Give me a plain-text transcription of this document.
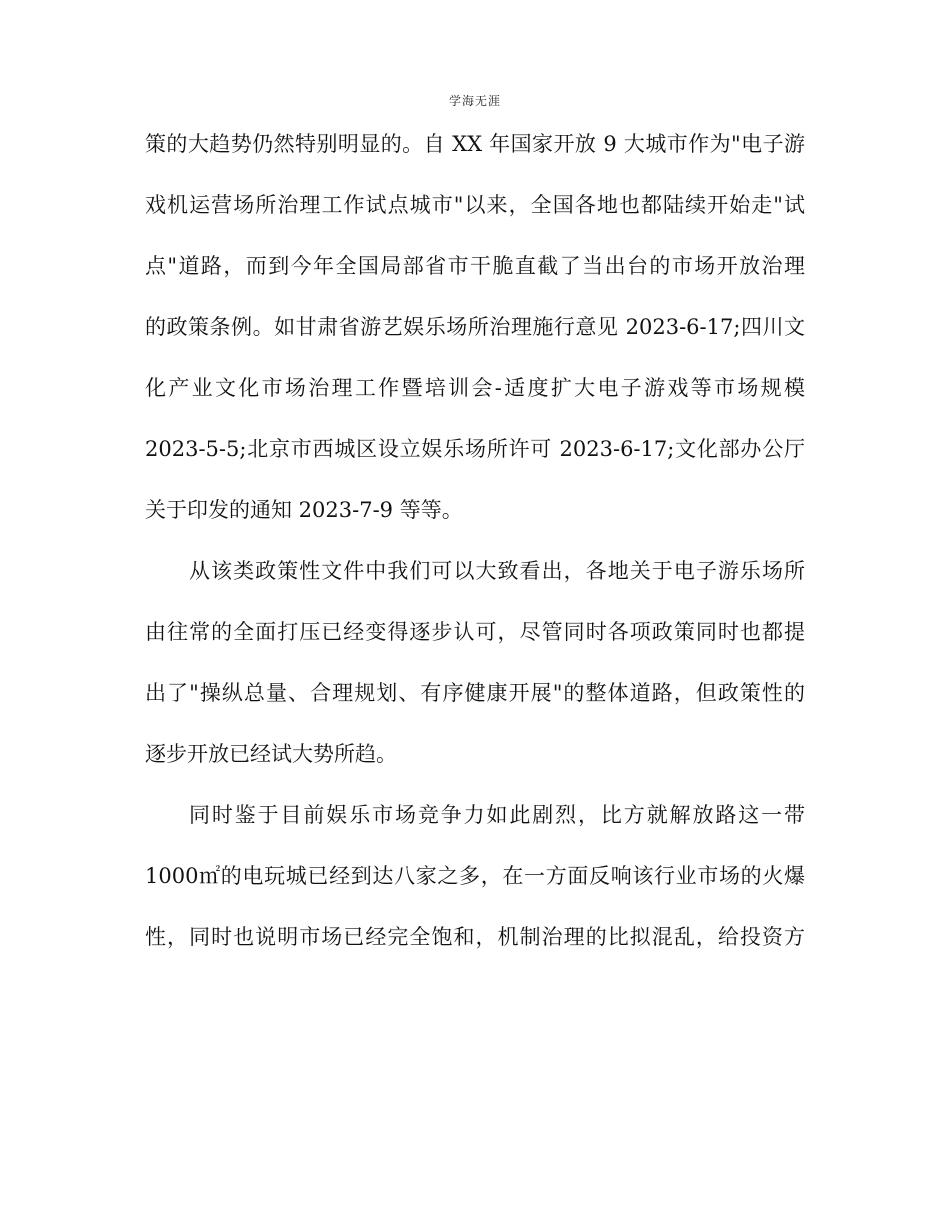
学海无涯
策的大趋势仍然特别明显的。自 XX 年国家开放 9 大城市作为"电子游
戏机运营场所治理工作试点城市"以来，全国各地也都陆续开始走"试
点"道路，而到今年全国局部省市干脆直截了当出台的市场开放治理
的政策条例。如甘肃省游艺娱乐场所治理施行意见 2023-6-17;四川文
化产业文化市场治理工作暨培训会-适度扩大电子游戏等市场规模
2023-5-5;北京市西城区设立娱乐场所许可 2023-6-17;文化部办公厅
关于印发的通知 2023-7-9 等等。
从该类政策性文件中我们可以大致看出，各地关于电子游乐场所
由往常的全面打压已经变得逐步认可，尽管同时各项政策同时也都提
出了"操纵总量、合理规划、有序健康开展"的整体道路，但政策性的
逐步开放已经试大势所趋。
同时鉴于目前娱乐市场竞争力如此剧烈，比方就解放路这一带
1000㎡的电玩城已经到达八家之多，在一方面反响该行业市场的火爆
性，同时也说明市场已经完全饱和，机制治理的比拟混乱，给投资方
